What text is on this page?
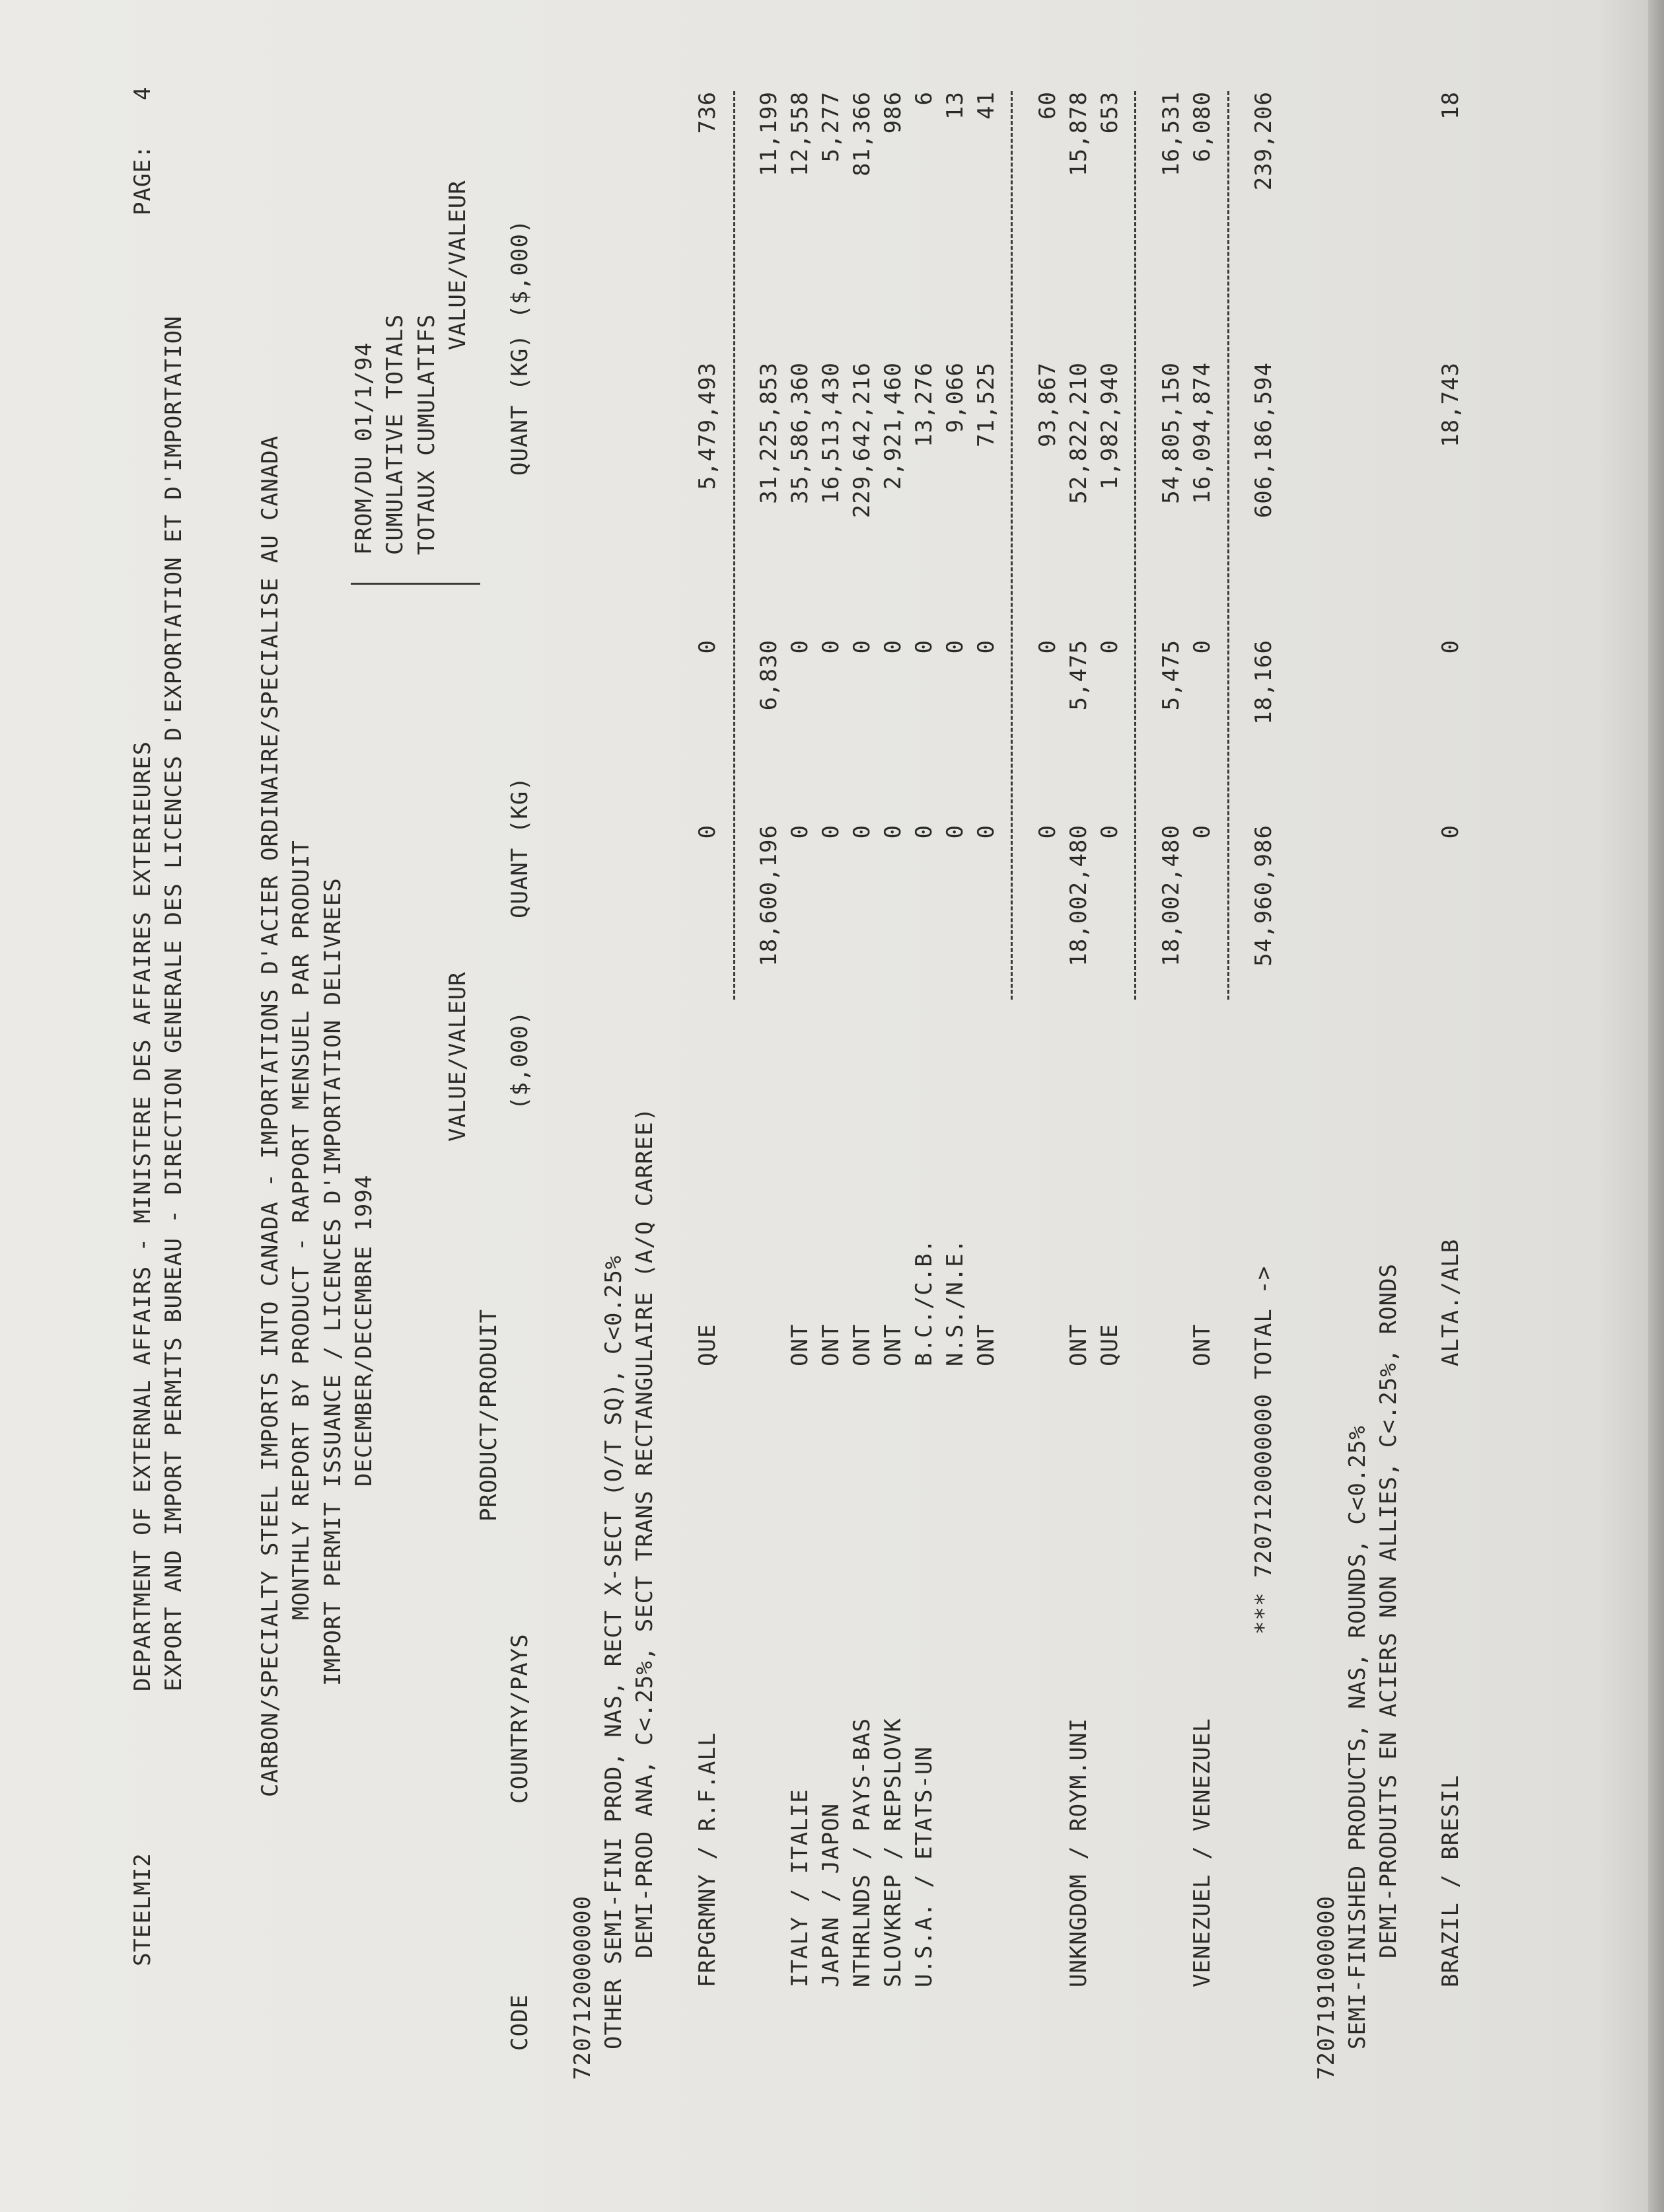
STEELMI2
DEPARTMENT OF EXTERNAL AFFAIRS - MINISTERE DES AFFAIRES EXTERIEURES
PAGE:
4
EXPORT AND IMPORT PERMITS BUREAU - DIRECTION GENERALE DES LICENCES D'EXPORTATION ET D'IMPORTATION	CARBON/SPECIALTY STEEL IMPORTS INTO CANADA - IMPORTATIONS D'ACIER ORDINAIRE/SPECIALISE AU CANADA MONTHLY REPORT BY PRODUCT - RAPPORT MENSUEL PAR PRODUIT IMPORT PERMIT ISSUANCE / LICENCES D'IMPORTATION DELIVREES DECEMBER/DECEMBRE 1994
FROM/DU 01/1/94 CUMULATIVE TOTALS TOTAUX CUMULATIFS
VALUE/VALEUR
VALUE/VALEUR
PRODUCT/PRODUIT
CODE
COUNTRY/PAYS
QUANT (KG)
($,000)
QUANT (KG)
($,000)
7207120000000 OTHER SEMI-FINI PROD, NAS, RECT X-SECT (O/T SQ), C<0.25% DEMI-PROD ANA, C<.25%, SECT TRANS RECTANGULAIRE (A/Q CARREE) FRPGRMNY / R.F.ALL
QUE
0
0
5,479,493
736
18,600,196
6,830
31,225,853
11,199
ITALY / ITALIE
ONT
0
0
35,586,360
12,558
JAPAN / JAPON
ONT
0
0
16,513,430
5,277
NTHRLNDS / PAYS-BAS
ONT
0
0
229,642,216
81,366
SLOVKREP / REPSLOVK
ONT
0
0
2,921,460
986
U.S.A. / ETATS-UN
B.C./C.B.
0
0
13,276
6
N.S./N.E.
0
0
9,066
13
ONT
0
0
71,525
41
0
0
93,867
60
UNKNGDOM / ROYM.UNI
ONT
18,002,480
5,475
52,822,210
15,878
QUE
0
0
1,982,940
653
18,002,480
5,475
54,805,150
16,531
VENEZUEL / VENEZUEL
ONT
0
0
16,094,874
6,080
*** 7207120000000 TOTAL ->
54,960,986
18,166
606,186,594
239,206
7207191000000 SEMI-FINISHED PRODUCTS, NAS, ROUNDS, C<0.25% DEMI-PRODUITS EN ACIERS NON ALLIES, C<.25%, RONDS BRAZIL / BRESIL
ALTA./ALB
0
0
18,743
18
